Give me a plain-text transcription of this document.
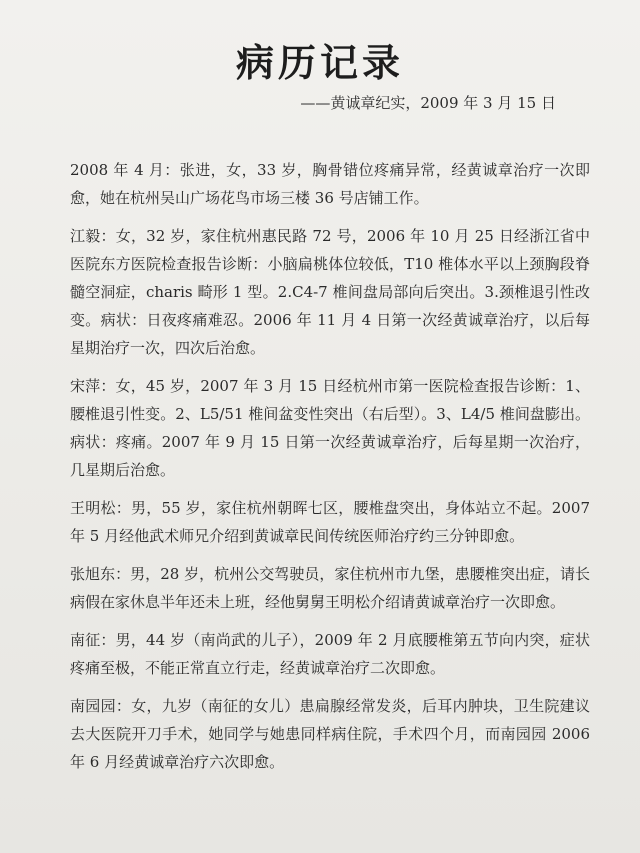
病历记录
——黄诚章纪实，2009 年 3 月 15 日

2008 年 4 月：张进，女，33 岁，胸骨错位疼痛异常，经黄诚章治疗一次即愈，她在杭州吴山广场花鸟市场三楼 36 号店铺工作。

江毅：女，32 岁，家住杭州惠民路 72 号，2006 年 10 月 25 日经浙江省中医院东方医院检查报告诊断：小脑扁桃体位较低，T10 椎体水平以上颈胸段脊髓空洞症，charis 畸形 1 型。2.C4-7 椎间盘局部向后突出。3.颈椎退引性改变。病状：日夜疼痛难忍。2006 年 11 月 4 日第一次经黄诚章治疗，以后每星期治疗一次，四次后治愈。

宋萍：女，45 岁，2007 年 3 月 15 日经杭州市第一医院检查报告诊断：1、腰椎退引性变。2、L5/51 椎间盆变性突出（右后型）。3、L4/5 椎间盘膨出。病状：疼痛。2007 年 9 月 15 日第一次经黄诚章治疗，后每星期一次治疗，几星期后治愈。

王明松：男，55 岁，家住杭州朝晖七区，腰椎盘突出，身体站立不起。2007 年 5 月经他武术师兄介绍到黄诚章民间传统医师治疗约三分钟即愈。

张旭东：男，28 岁，杭州公交驾驶员，家住杭州市九堡，患腰椎突出症，请长病假在家休息半年还未上班，经他舅舅王明松介绍请黄诚章治疗一次即愈。

南征：男，44 岁（南尚武的儿子），2009 年 2 月底腰椎第五节向内突，症状疼痛至极，不能正常直立行走，经黄诚章治疗二次即愈。

南园园：女，九岁（南征的女儿）患扁腺经常发炎，后耳内肿块，卫生院建议去大医院开刀手术，她同学与她患同样病住院，手术四个月，而南园园 2006 年 6 月经黄诚章治疗六次即愈。
